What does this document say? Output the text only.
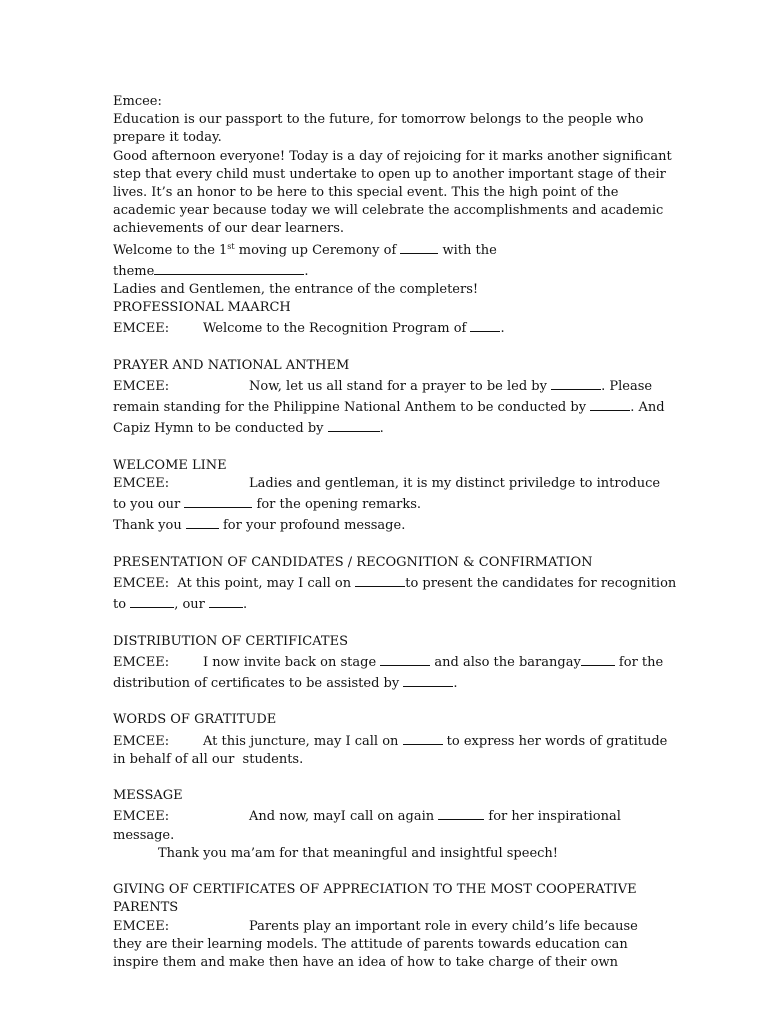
Emcee:

Education is our passport to the future, for tomorrow belongs to the people who

prepare it today.

Good afternoon everyone! Today is a day of rejoicing for it marks another significant

step that every child must undertake to open up to another important stage of their

lives. It’s an honor to be here to this special event. This the high point of the

academic year because today we will celebrate the accomplishments and academic

achievements of our dear learners.

Welcome to the 1st moving up Ceremony of	with the

theme	.

Ladies and Gentlemen, the entrance of the completers!

PROFESSIONAL MAARCH

EMCEE:	Welcome to the Recognition Program of .

PRAYER AND NATIONAL ANTHEM

EMCEE:	Now, let us all stand for a prayer to be led by	. Please

remain standing for the Philippine National Anthem to be conducted by	. And

Capiz Hymn to be conducted by	.

WELCOME LINE

EMCEE:	Ladies and gentleman, it is my distinct priviledge to introduce

to you our	for the opening remarks.

Thank you	for your profound message.

PRESENTATION OF CANDIDATES / RECOGNITION & CONFIRMATION

EMCEE:  At this point, may I call on	to present the candidates for recognition

to	, our	.

DISTRIBUTION OF CERTIFICATES

EMCEE:	I now invite back on stage	and also the barangay	for the

distribution of certificates to be assisted by	.

WORDS OF GRATITUDE

EMCEE:	At this juncture, may I call on	to express her words of gratitude

in behalf of all our  students.

MESSAGE

EMCEE:	And now, mayI call on again	for her inspirational

message.

Thank you ma’am for that meaningful and insightful speech!

GIVING OF CERTIFICATES OF APPRECIATION TO THE MOST COOPERATIVE

PARENTS

EMCEE:	Parents play an important role in every child’s life because

they are their learning models. The attitude of parents towards education can

inspire them and make then have an idea of how to take charge of their own
